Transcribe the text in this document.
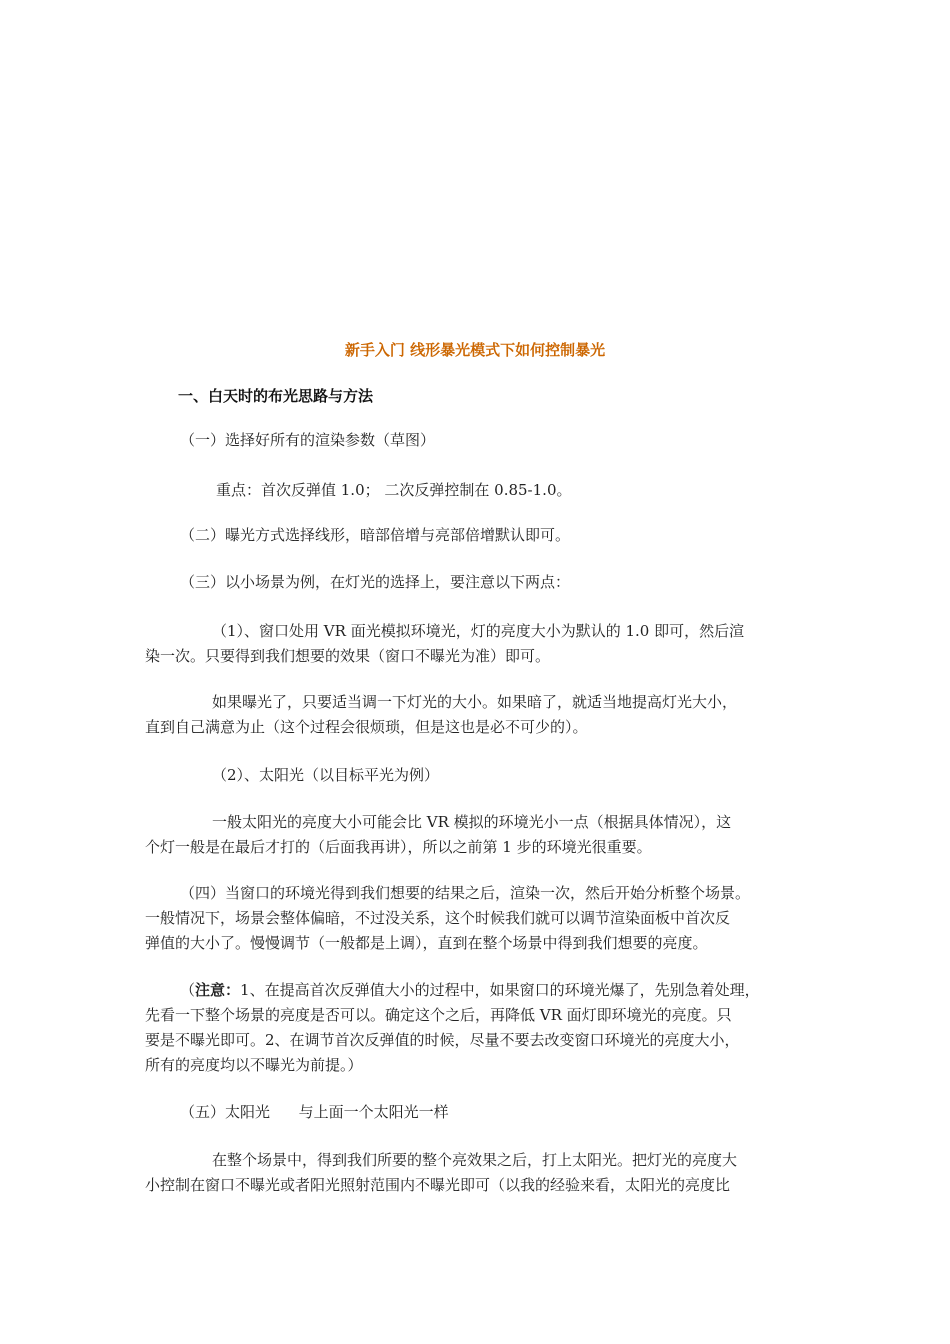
新手入门 线形暴光模式下如何控制暴光
一、白天时的布光思路与方法
（一）选择好所有的渲染参数（草图）
重点：首次反弹值 1.0； 二次反弹控制在 0.85-1.0。
（二）曝光方式选择线形，暗部倍增与亮部倍增默认即可。
（三）以小场景为例，在灯光的选择上，要注意以下两点：
（1）、窗口处用 VR 面光模拟环境光，灯的亮度大小为默认的 1.0 即可，然后渲
染一次。只要得到我们想要的效果（窗口不曝光为准）即可。
如果曝光了，只要适当调一下灯光的大小。如果暗了，就适当地提高灯光大小，
直到自己满意为止（这个过程会很烦琐，但是这也是必不可少的）。
（2）、太阳光（以目标平光为例）
一般太阳光的亮度大小可能会比 VR 模拟的环境光小一点（根据具体情况），这
个灯一般是在最后才打的（后面我再讲），所以之前第 1 步的环境光很重要。
（四）当窗口的环境光得到我们想要的结果之后，渲染一次，然后开始分析整个场景。
一般情况下，场景会整体偏暗，不过没关系，这个时候我们就可以调节渲染面板中首次反
弹值的大小了。慢慢调节（一般都是上调），直到在整个场景中得到我们想要的亮度。
（注意：1、在提高首次反弹值大小的过程中，如果窗口的环境光爆了，先别急着处理，
先看一下整个场景的亮度是否可以。确定这个之后，再降低 VR 面灯即环境光的亮度。只
要是不曝光即可。2、在调节首次反弹值的时候，尽量不要去改变窗口环境光的亮度大小，
所有的亮度均以不曝光为前提。）
（五）太阳光      与上面一个太阳光一样
在整个场景中，得到我们所要的整个亮效果之后，打上太阳光。把灯光的亮度大
小控制在窗口不曝光或者阳光照射范围内不曝光即可（以我的经验来看，太阳光的亮度比
